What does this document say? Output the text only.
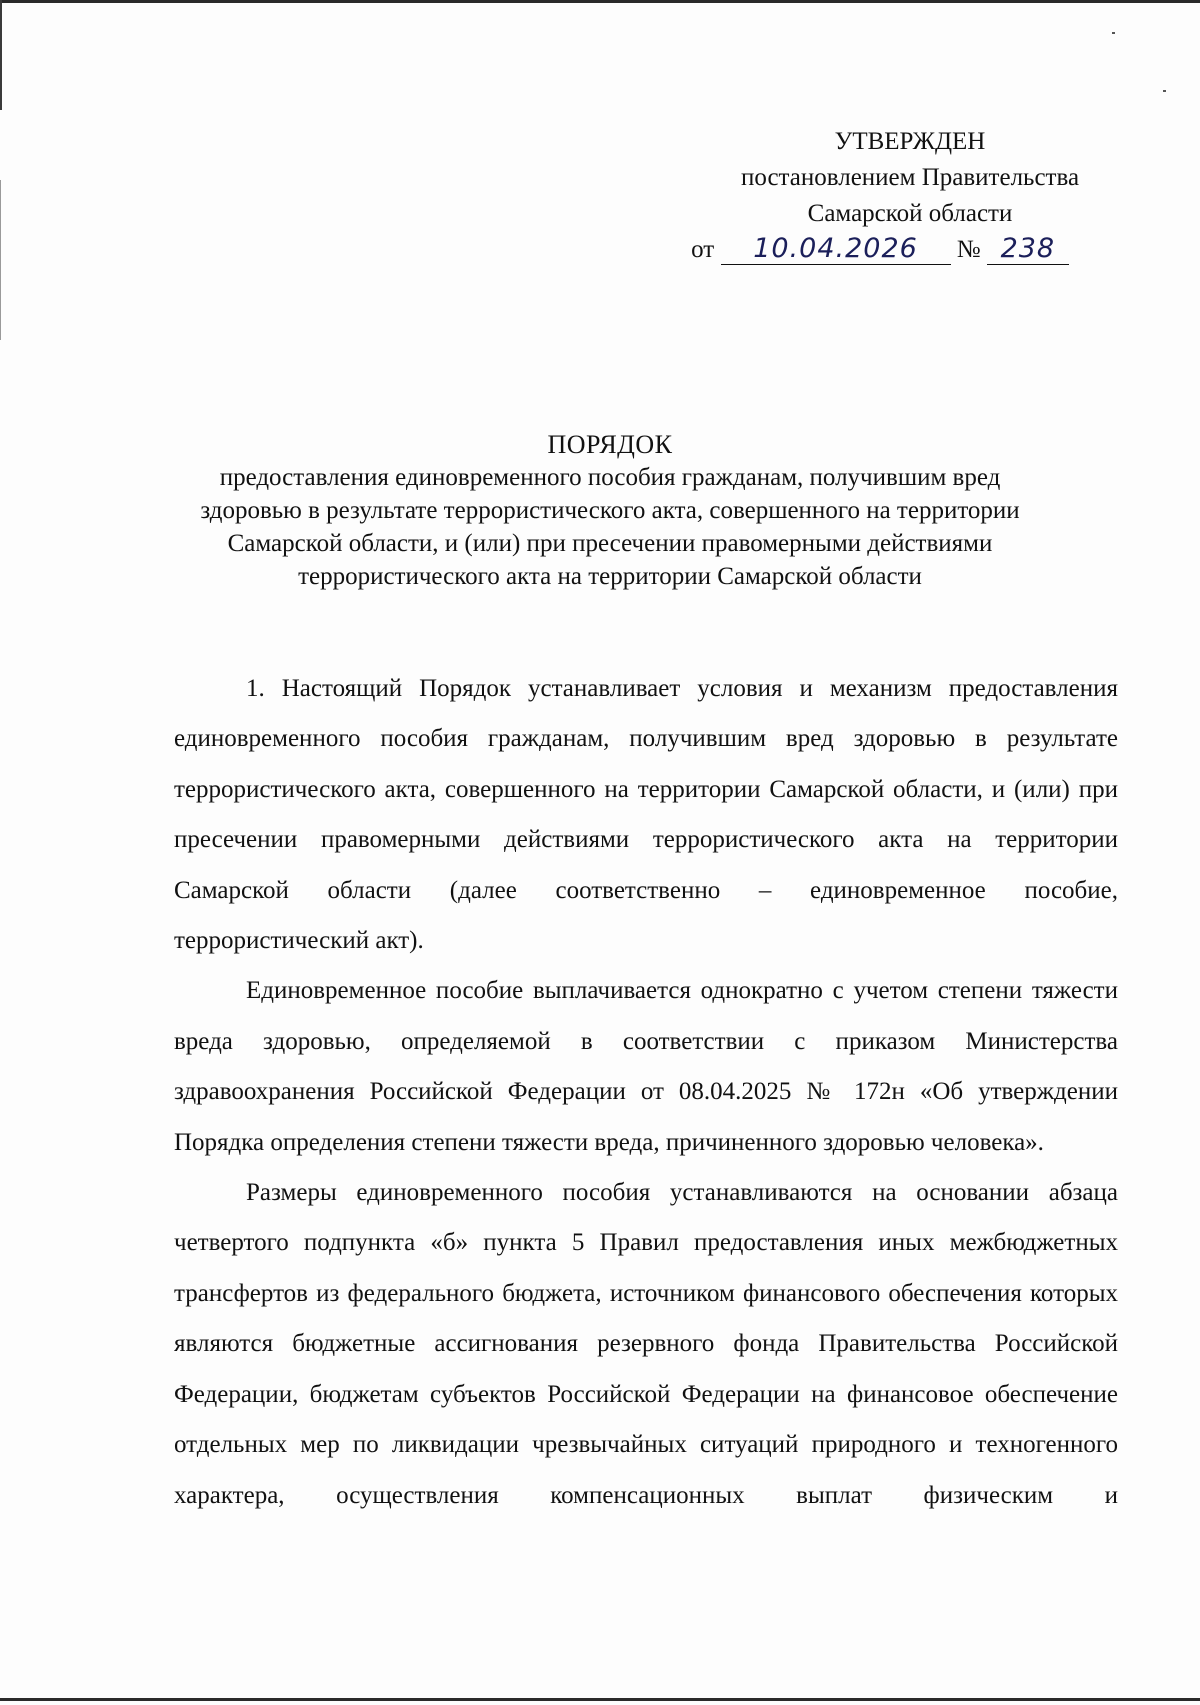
УТВЕРЖДЕН
постановлением Правительства
Самарской области
от 10.04.2026 № 238
ПОРЯДОК
предоставления единовременного пособия гражданам, получившим вред
здоровью в результате террористического акта, совершенного на территории
Самарской области, и (или) при пресечении правомерными действиями
террористического акта на территории Самарской области

1. Настоящий Порядок устанавливает условия и механизм предоставления единовременного пособия гражданам, получившим вред здоровью в результате террористического акта, совершенного на территории Самарской области, и (или) при пресечении правомерными действиями террористического акта на территории Самарской области (далее соответственно – единовременное пособие, террористический акт).

Единовременное пособие выплачивается однократно с учетом степени тяжести вреда здоровью, определяемой в соответствии с приказом Министерства здравоохранения Российской Федерации от 08.04.2025 № 172н «Об утверждении Порядка определения степени тяжести вреда, причиненного здоровью человека».

Размеры единовременного пособия устанавливаются на основании абзаца четвертого подпункта «б» пункта 5 Правил предоставления иных межбюджетных трансфертов из федерального бюджета, источником финансового обеспечения которых являются бюджетные ассигнования резервного фонда Правительства Российской Федерации, бюджетам субъектов Российской Федерации на финансовое обеспечение отдельных мер по ликвидации чрезвычайных ситуаций природного и техногенного характера, осуществления компенсационных выплат физическим и
